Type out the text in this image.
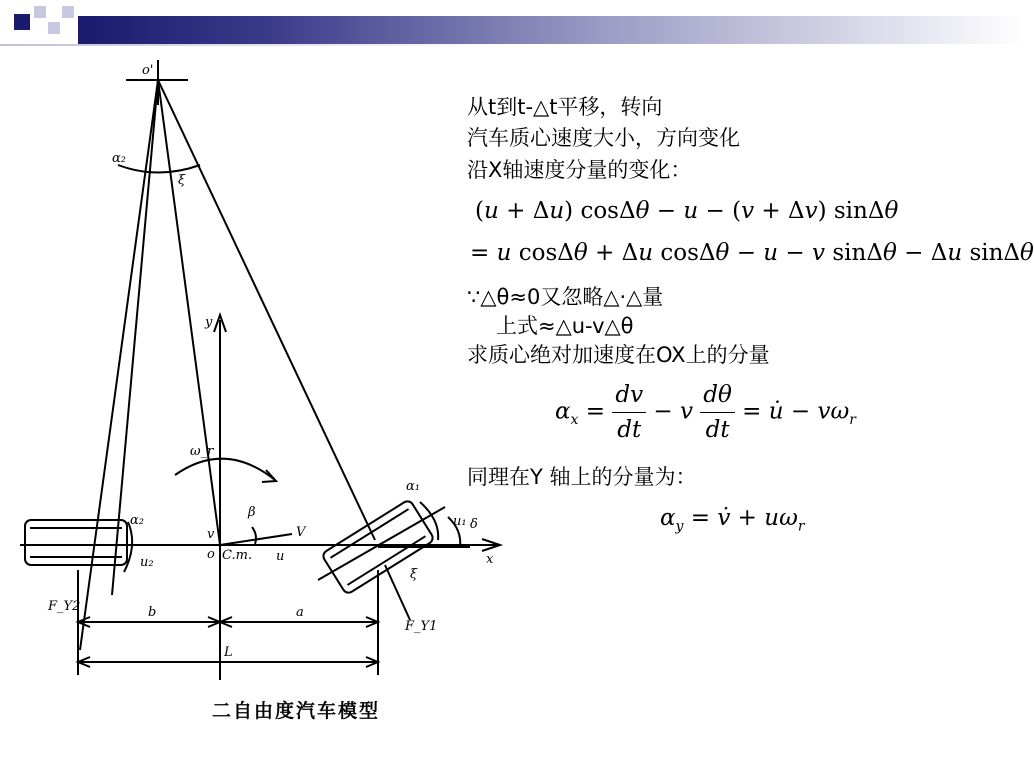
o'
α₂
ξ
y
ω_r
x
o
v
β
V
C.m. u
α₂
u₂
α₁
u₁ δ
ξ
F_Y1
F_Y2	b	a
L
二自由度汽车模型
从t到t-△t平移，转向
汽车质心速度大小，方向变化
沿X轴速度分量的变化：
(u + Δu) cosΔθ − u − (v + Δv) sinΔθ
= u cosΔθ + Δu cosΔθ − u − v sinΔθ − Δu sinΔθ
∵△θ≈0又忽略△·△量
上式≈△u-v△θ
求质心绝对加速度在OX上的分量
$\alpha_x = \frac{dv}{dt} - v \frac{d\theta}{dt}$ = u̇ − $v\omega_r$
同理在Y 轴上的分量为：
$\alpha_y$ = v̇ + $u\omega_r$
